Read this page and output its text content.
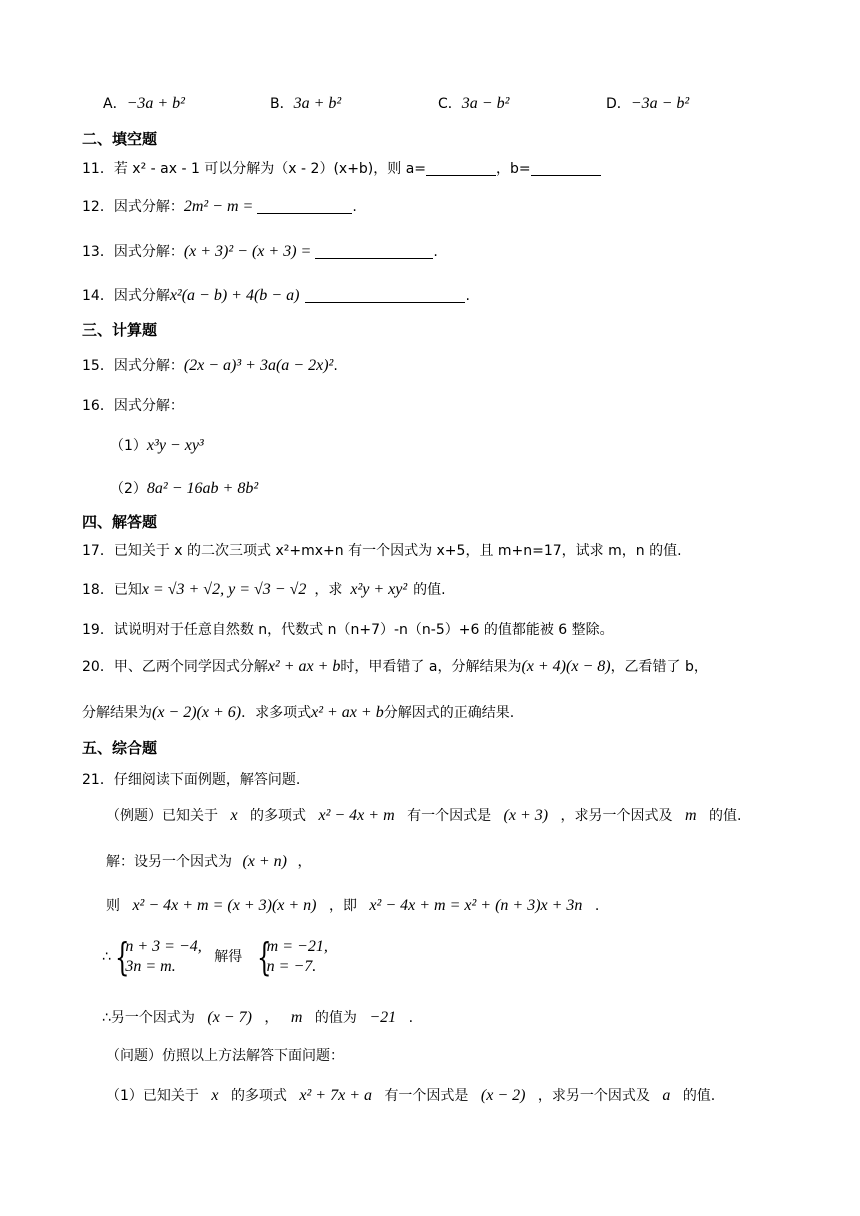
A．−3a + b²	B．3a + b²	C．3a − b²	D．−3a − b²
二、填空题
11．若 x² - ax - 1 可以分解为（x - 2）(x+b)，则 a=	，b=
12．因式分解：2m² − m =	.
13．因式分解：(x + 3)² − (x + 3) =	.
14．因式分解x²(a − b) + 4(b − a)	.
三、计算题
15．因式分解：(2x − a)³ + 3a(a − 2x)².
16．因式分解：
（1）x³y − xy³
（2）8a² − 16ab + 8b²
四、解答题
17．已知关于 x 的二次三项式 x²+mx+n 有一个因式为 x+5，且 m+n=17，试求 m，n 的值.
18．已知x = √3 + √2, y = √3 − √2 ，求 x²y + xy² 的值.
19．试说明对于任意自然数 n，代数式 n（n+7）-n（n-5）+6 的值都能被 6 整除。
20．甲、乙两个同学因式分解x² + ax + b时，甲看错了 a，分解结果为(x + 4)(x − 8)，乙看错了 b，
分解结果为(x − 2)(x + 6)．求多项式x² + ax + b分解因式的正确结果.
五、综合题
21．仔细阅读下面例题，解答问题.
（例题）已知关于 x 的多项式 x² − 4x + m 有一个因式是 (x + 3) ，求另一个因式及 m 的值.
解：设另一个因式为 (x + n) ，
则 x² − 4x + m = (x + 3)(x + n) ，即 x² − 4x + m = x² + (n + 3)x + 3n .
∴ {
n + 3 = −4,
3n = m.
解得 {
m = −21,
n = −7.
∴另一个因式为 (x − 7) ， m 的值为 −21 .
（问题）仿照以上方法解答下面问题：
（1）已知关于 x 的多项式 x² + 7x + a 有一个因式是 (x − 2) ，求另一个因式及 a 的值.
